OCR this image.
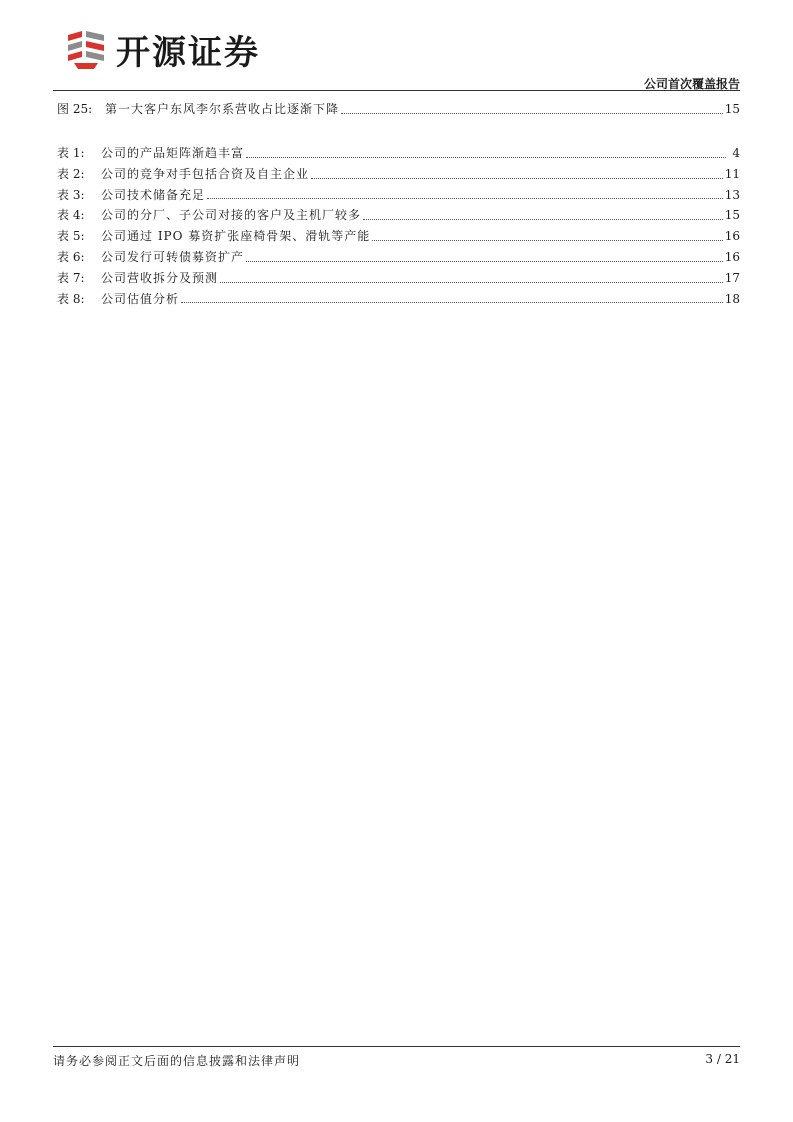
开源证券
公司首次覆盖报告
图 25:	第一大客户东风李尔系营收占比逐渐下降	15
表 1:	公司的产品矩阵渐趋丰富	4
表 2:	公司的竞争对手包括合资及自主企业	11
表 3:	公司技术储备充足	13
表 4:	公司的分厂、子公司对接的客户及主机厂较多	15
表 5:	公司通过 IPO 募资扩张座椅骨架、滑轨等产能	16
表 6:	公司发行可转债募资扩产	16
表 7:	公司营收拆分及预测	17
表 8:	公司估值分析	18
请务必参阅正文后面的信息披露和法律声明	3 / 21
